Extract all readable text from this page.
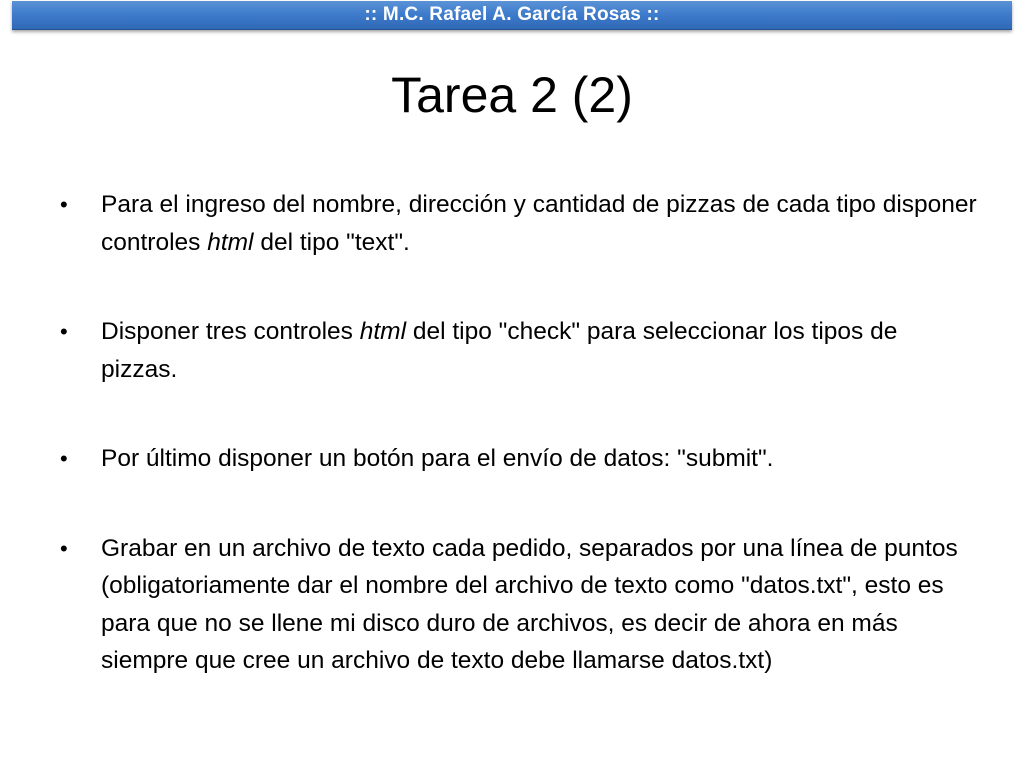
:: M.C. Rafael A. García Rosas ::
Tarea 2 (2)
• Para el ingreso del nombre, dirección y cantidad de pizzas de cada tipo disponer controles html del tipo "text".
• Disponer tres controles html del tipo "check" para seleccionar los tipos de pizzas.
• Por último disponer un botón para el envío de datos: "submit".
• Grabar en un archivo de texto cada pedido, separados por una línea de puntos (obligatoriamente dar el nombre del archivo de texto como "datos.txt", esto es para que no se llene mi disco duro de archivos, es decir de ahora en más siempre que cree un archivo de texto debe llamarse datos.txt)
